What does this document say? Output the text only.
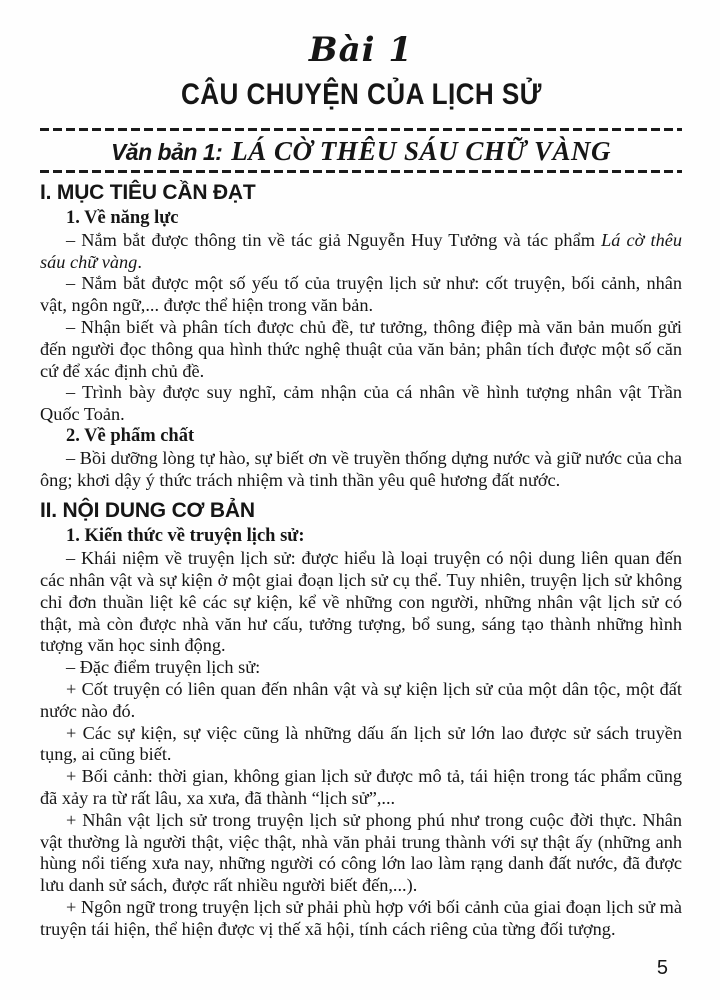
Bài 1
CÂU CHUYỆN CỦA LỊCH SỬ
Văn bản 1: LÁ CỜ THÊU SÁU CHỮ VÀNG
I. MỤC TIÊU CẦN ĐẠT
1. Về năng lực

– Nắm bắt được thông tin về tác giả Nguyễn Huy Tưởng và tác phẩm Lá cờ thêu sáu chữ vàng.

– Nắm bắt được một số yếu tố của truyện lịch sử như: cốt truyện, bối cảnh, nhân vật, ngôn ngữ,... được thể hiện trong văn bản.

– Nhận biết và phân tích được chủ đề, tư tưởng, thông điệp mà văn bản muốn gửi đến người đọc thông qua hình thức nghệ thuật của văn bản; phân tích được một số căn cứ để xác định chủ đề.

– Trình bày được suy nghĩ, cảm nhận của cá nhân về hình tượng nhân vật Trần Quốc Toản.

2. Về phẩm chất

– Bồi dưỡng lòng tự hào, sự biết ơn về truyền thống dựng nước và giữ nước của cha ông; khơi dậy ý thức trách nhiệm và tinh thần yêu quê hương đất nước.

II. NỘI DUNG CƠ BẢN
1. Kiến thức về truyện lịch sử:

– Khái niệm về truyện lịch sử: được hiểu là loại truyện có nội dung liên quan đến các nhân vật và sự kiện ở một giai đoạn lịch sử cụ thể. Tuy nhiên, truyện lịch sử không chỉ đơn thuần liệt kê các sự kiện, kể về những con người, những nhân vật lịch sử có thật, mà còn được nhà văn hư cấu, tưởng tượng, bổ sung, sáng tạo thành những hình tượng văn học sinh động.

– Đặc điểm truyện lịch sử:

+ Cốt truyện có liên quan đến nhân vật và sự kiện lịch sử của một dân tộc, một đất nước nào đó.

+ Các sự kiện, sự việc cũng là những dấu ấn lịch sử lớn lao được sử sách truyền tụng, ai cũng biết.

+ Bối cảnh: thời gian, không gian lịch sử được mô tả, tái hiện trong tác phẩm cũng đã xảy ra từ rất lâu, xa xưa, đã thành “lịch sử”,...

+ Nhân vật lịch sử trong truyện lịch sử phong phú như trong cuộc đời thực. Nhân vật thường là người thật, việc thật, nhà văn phải trung thành với sự thật ấy (những anh hùng nổi tiếng xưa nay, những người có công lớn lao làm rạng danh đất nước, đã được lưu danh sử sách, được rất nhiều người biết đến,...).

+ Ngôn ngữ trong truyện lịch sử phải phù hợp với bối cảnh của giai đoạn lịch sử mà truyện tái hiện, thể hiện được vị thế xã hội, tính cách riêng của từng đối tượng.

5
